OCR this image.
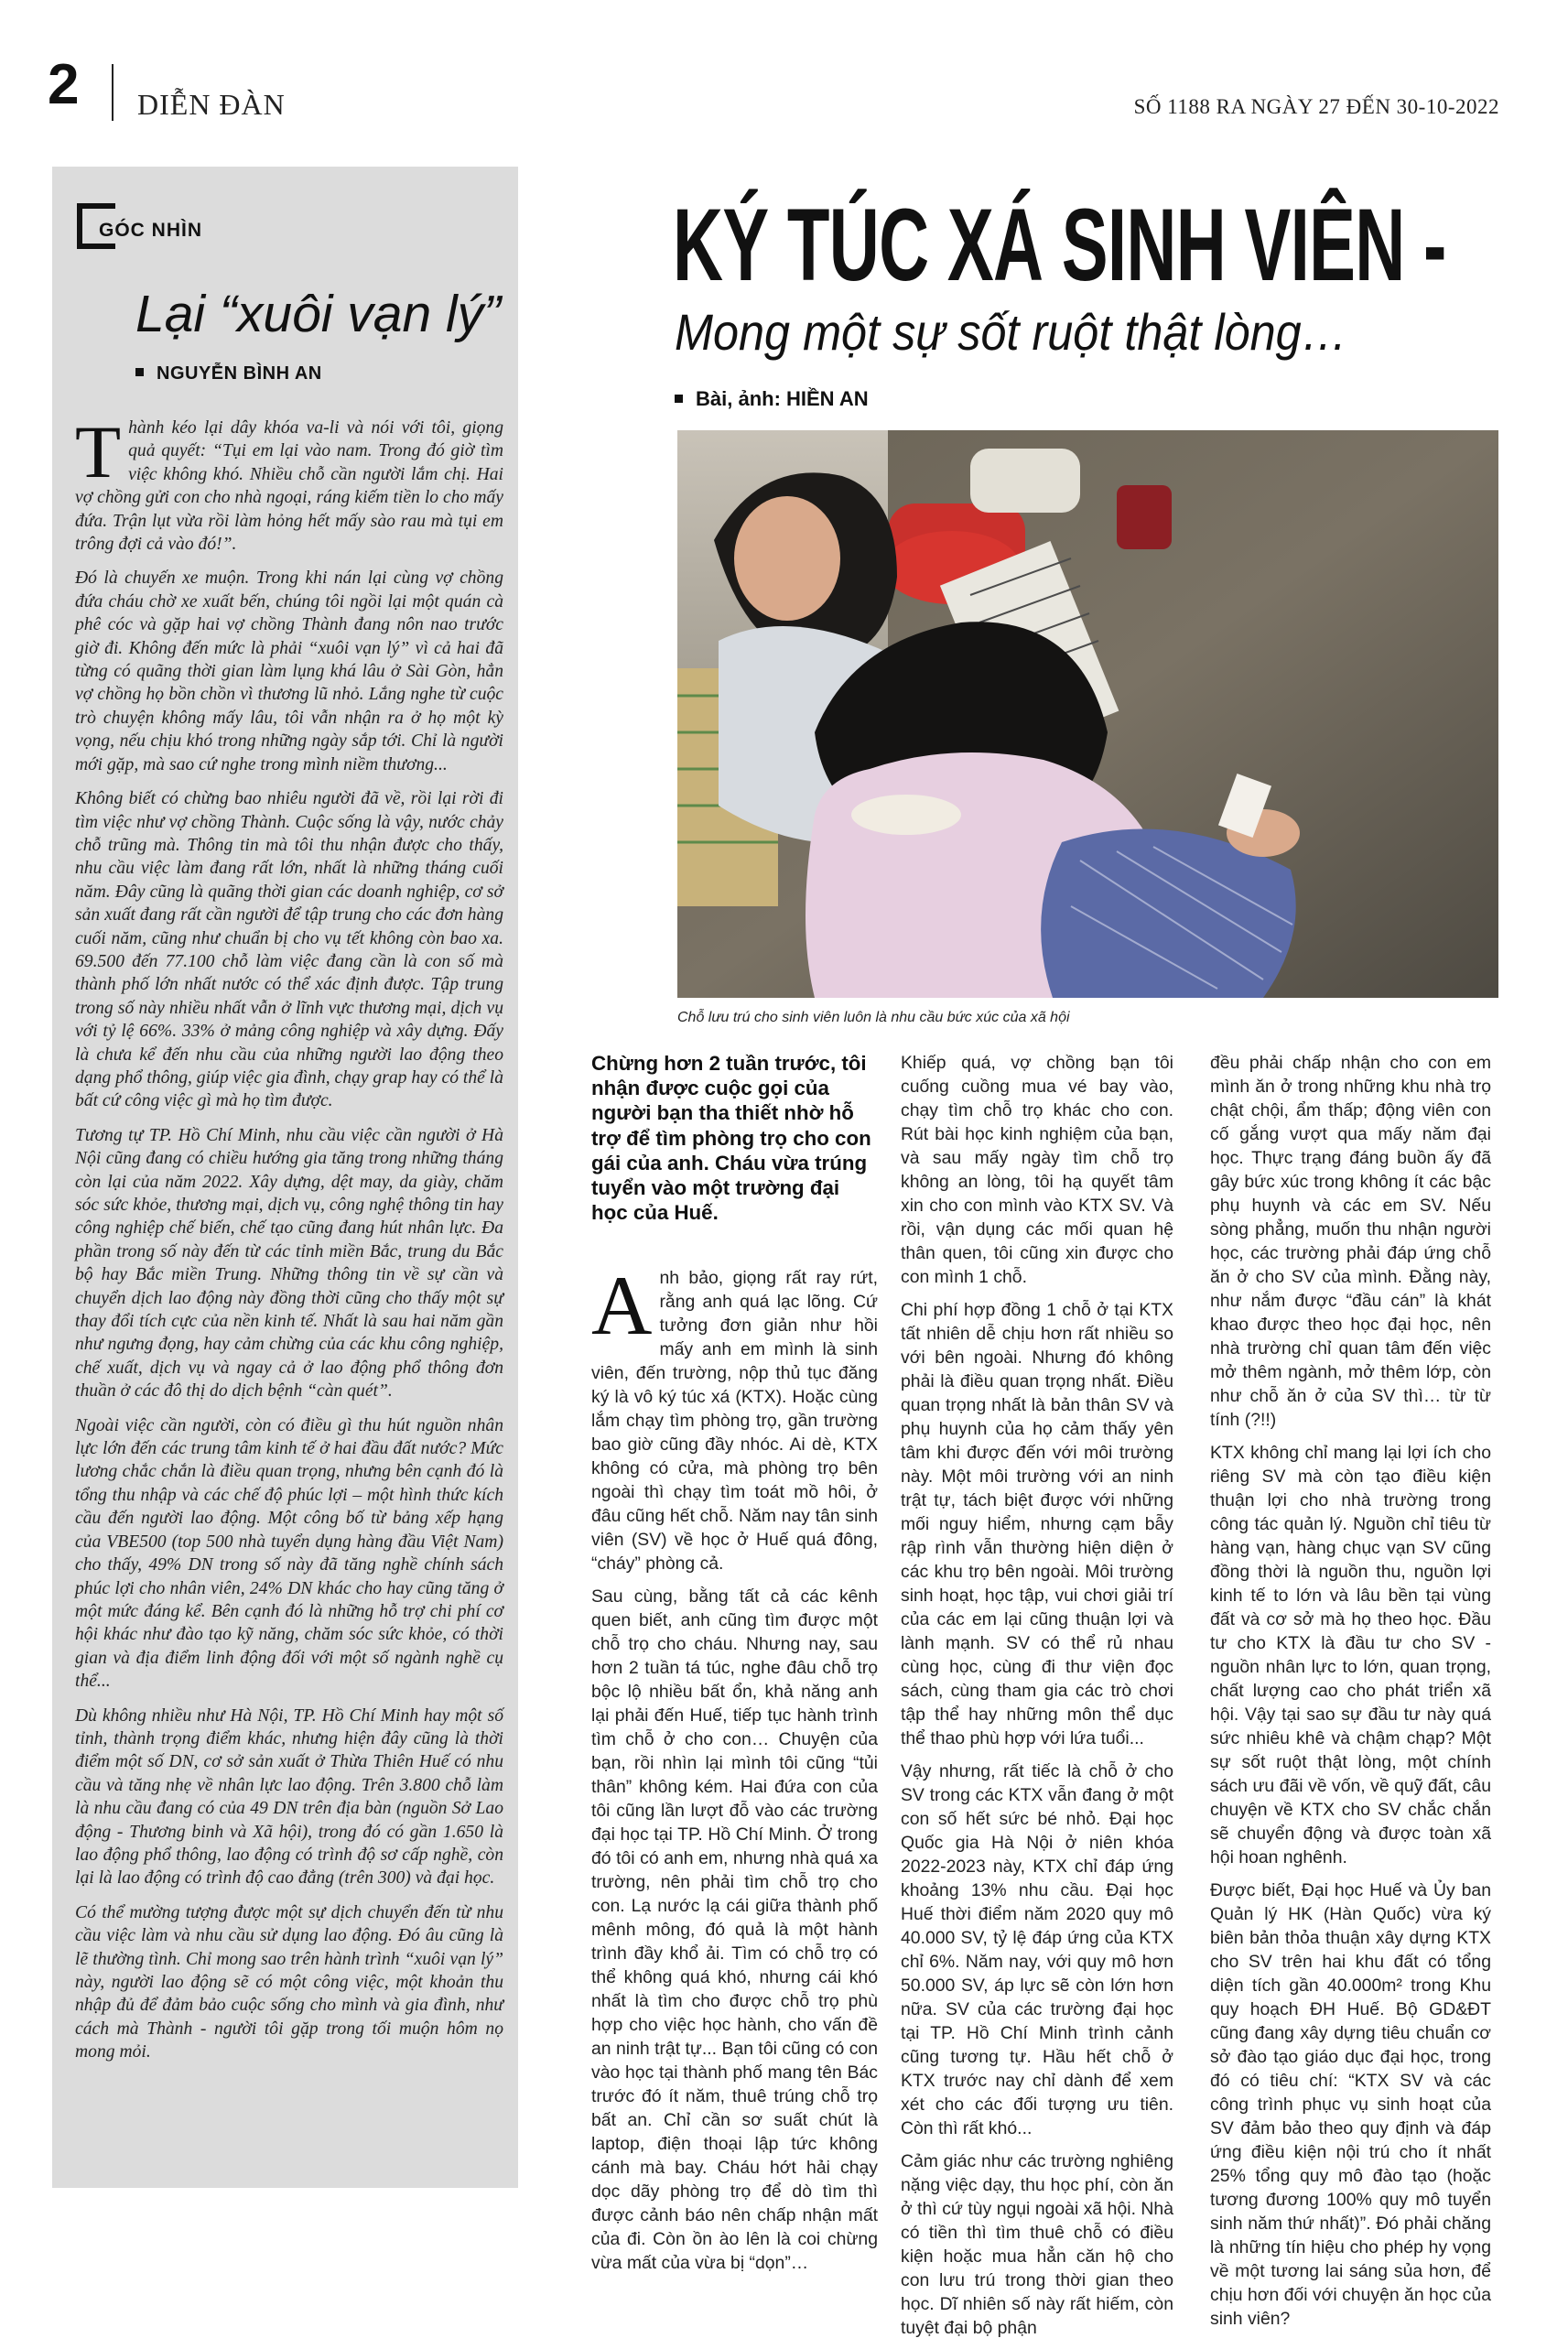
2 DIỄN ĐÀN	SỐ 1188 RA NGÀY 27 ĐẾN 30-10-2022
GÓC NHÌN
Lại “xuôi vạn lý”
NGUYỄN BÌNH AN

Thành kéo lại dây khóa va-li và nói với tôi, giọng quả quyết: “Tụi em lại vào nam. Trong đó giờ tìm việc không khó. Nhiều chỗ cần người lắm chị. Hai vợ chồng gửi con cho nhà ngoại, ráng kiếm tiền lo cho mấy đứa. Trận lụt vừa rồi làm hỏng hết mấy sào rau mà tụi em trông đợi cả vào đó!”.

Đó là chuyến xe muộn. Trong khi nán lại cùng vợ chồng đứa cháu chờ xe xuất bến, chúng tôi ngồi lại một quán cà phê cóc và gặp hai vợ chồng Thành đang nôn nao trước giờ đi. Không đến mức là phải “xuôi vạn lý” vì cả hai đã từng có quãng thời gian làm lụng khá lâu ở Sài Gòn, hẳn vợ chồng họ bồn chồn vì thương lũ nhỏ. Lắng nghe từ cuộc trò chuyện không mấy lâu, tôi vẫn nhận ra ở họ một kỳ vọng, nếu chịu khó trong những ngày sắp tới. Chỉ là người mới gặp, mà sao cứ nghe trong mình niềm thương...

Không biết có chừng bao nhiêu người đã về, rồi lại rời đi tìm việc như vợ chồng Thành. Cuộc sống là vậy, nước chảy chỗ trũng mà. Thông tin mà tôi thu nhận được cho thấy, nhu cầu việc làm đang rất lớn, nhất là những tháng cuối năm. Đây cũng là quãng thời gian các doanh nghiệp, cơ sở sản xuất đang rất cần người để tập trung cho các đơn hàng cuối năm, cũng như chuẩn bị cho vụ tết không còn bao xa. 69.500 đến 77.100 chỗ làm việc đang cần là con số mà thành phố lớn nhất nước có thể xác định được. Tập trung trong số này nhiều nhất vẫn ở lĩnh vực thương mại, dịch vụ với tỷ lệ 66%. 33% ở mảng công nghiệp và xây dựng. Đấy là chưa kể đến nhu cầu của những người lao động theo dạng phổ thông, giúp việc gia đình, chạy grap hay có thể là bất cứ công việc gì mà họ tìm được.

Tương tự TP. Hồ Chí Minh, nhu cầu việc cần người ở Hà Nội cũng đang có chiều hướng gia tăng trong những tháng còn lại của năm 2022. Xây dựng, dệt may, da giày, chăm sóc sức khỏe, thương mại, dịch vụ, công nghệ thông tin hay công nghiệp chế biến, chế tạo cũng đang hút nhân lực. Đa phần trong số này đến từ các tỉnh miền Bắc, trung du Bắc bộ hay Bắc miền Trung. Những thông tin về sự cần và chuyển dịch lao động này đồng thời cũng cho thấy một sự thay đổi tích cực của nền kinh tế. Nhất là sau hai năm gần như ngưng đọng, hay cảm chừng của các khu công nghiệp, chế xuất, dịch vụ và ngay cả ở lao động phổ thông đơn thuần ở các đô thị do dịch bệnh “càn quét”.

Ngoài việc cần người, còn có điều gì thu hút nguồn nhân lực lớn đến các trung tâm kinh tế ở hai đầu đất nước? Mức lương chắc chắn là điều quan trọng, nhưng bên cạnh đó là tổng thu nhập và các chế độ phúc lợi – một hình thức kích cầu đến người lao động. Một công bố từ bảng xếp hạng của VBE500 (top 500 nhà tuyển dụng hàng đầu Việt Nam) cho thấy, 49% DN trong số này đã tăng nghề chính sách phúc lợi cho nhân viên, 24% DN khác cho hay cũng tăng ở một mức đáng kể. Bên cạnh đó là những hỗ trợ chi phí cơ hội khác như đào tạo kỹ năng, chăm sóc sức khỏe, có thời gian và địa điểm linh động đối với một số ngành nghề cụ thể...

Dù không nhiều như Hà Nội, TP. Hồ Chí Minh hay một số tỉnh, thành trọng điểm khác, nhưng hiện đây cũng là thời điểm một số DN, cơ sở sản xuất ở Thừa Thiên Huế có nhu cầu và tăng nhẹ về nhân lực lao động. Trên 3.800 chỗ làm là nhu cầu đang có của 49 DN trên địa bàn (nguồn Sở Lao động - Thương binh và Xã hội), trong đó có gần 1.650 là lao động phổ thông, lao động có trình độ sơ cấp nghề, còn lại là lao động có trình độ cao đẳng (trên 300) và đại học.

Có thể mường tượng được một sự dịch chuyển đến từ nhu cầu việc làm và nhu cầu sử dụng lao động. Đó âu cũng là lẽ thường tình. Chỉ mong sao trên hành trình “xuôi vạn lý” này, người lao động sẽ có một công việc, một khoản thu nhập đủ để đảm bảo cuộc sống cho mình và gia đình, như cách mà Thành - người tôi gặp trong tối muộn hôm nọ mong mỏi.

KÝ TÚC XÁ SINH VIÊN -
Mong một sự sốt ruột thật lòng…
Bài, ảnh: HIỀN AN
Chỗ lưu trú cho sinh viên luôn là nhu cầu bức xúc của xã hội

Chừng hơn 2 tuần trước, tôi nhận được cuộc gọi của người bạn tha thiết nhờ hỗ trợ để tìm phòng trọ cho con gái của anh. Cháu vừa trúng tuyển vào một trường đại học của Huế.

Anh bảo, giọng rất ray rứt, rằng anh quá lạc lõng. Cứ tưởng đơn giản như hồi mấy anh em mình là sinh viên, đến trường, nộp thủ tục đăng ký là vô ký túc xá (KTX). Hoặc cùng lắm chạy tìm phòng trọ, gần trường bao giờ cũng đầy nhóc. Ai dè, KTX không có cửa, mà phòng trọ bên ngoài thì chạy tìm toát mồ hôi, ở đâu cũng hết chỗ. Năm nay tân sinh viên (SV) về học ở Huế quá đông, “cháy” phòng cả.

Sau cùng, bằng tất cả các kênh quen biết, anh cũng tìm được một chỗ trọ cho cháu. Nhưng nay, sau hơn 2 tuần tá túc, nghe đâu chỗ trọ bộc lộ nhiều bất ổn, khả năng anh lại phải đến Huế, tiếp tục hành trình tìm chỗ ở cho con… Chuyện của bạn, rồi nhìn lại mình tôi cũng “tủi thân” không kém. Hai đứa con của tôi cũng lần lượt đỗ vào các trường đại học tại TP. Hồ Chí Minh. Ở trong đó tôi có anh em, nhưng nhà quá xa trường, nên phải tìm chỗ trọ cho con. Lạ nước lạ cái giữa thành phố mênh mông, đó quả là một hành trình đầy khổ ải. Tìm có chỗ trọ có thể không quá khó, nhưng cái khó nhất là tìm cho được chỗ trọ phù hợp cho việc học hành, cho vấn đề an ninh trật tự... Bạn tôi cũng có con vào học tại thành phố mang tên Bác trước đó ít năm, thuê trúng chỗ trọ bất an. Chỉ cần sơ suất chút là laptop, điện thoại lập tức không cánh mà bay. Cháu hớt hải chạy dọc dãy phòng trọ để dò tìm thì được cảnh báo nên chấp nhận mất của đi. Còn ồn ào lên là coi chừng vừa mất của vừa bị “dọn”…

Khiếp quá, vợ chồng bạn tôi cuống cuồng mua vé bay vào, chạy tìm chỗ trọ khác cho con. Rút bài học kinh nghiệm của bạn, và sau mấy ngày tìm chỗ trọ không an lòng, tôi hạ quyết tâm xin cho con mình vào KTX SV. Và rồi, vận dụng các mối quan hệ thân quen, tôi cũng xin được cho con mình 1 chỗ.

Chi phí hợp đồng 1 chỗ ở tại KTX tất nhiên dễ chịu hơn rất nhiều so với bên ngoài. Nhưng đó không phải là điều quan trọng nhất. Điều quan trọng nhất là bản thân SV và phụ huynh của họ cảm thấy yên tâm khi được đến với môi trường này. Một môi trường với an ninh trật tự, tách biệt được với những mối nguy hiểm, nhưng cạm bẫy rập rình vẫn thường hiện diện ở các khu trọ bên ngoài. Môi trường sinh hoạt, học tập, vui chơi giải trí của các em lại cũng thuận lợi và lành mạnh. SV có thể rủ nhau cùng học, cùng đi thư viện đọc sách, cùng tham gia các trò chơi tập thể hay những môn thể dục thể thao phù hợp với lứa tuổi...

Vậy nhưng, rất tiếc là chỗ ở cho SV trong các KTX vẫn đang ở một con số hết sức bé nhỏ. Đại học Quốc gia Hà Nội ở niên khóa 2022-2023 này, KTX chỉ đáp ứng khoảng 13% nhu cầu. Đại học Huế thời điểm năm 2020 quy mô 40.000 SV, tỷ lệ đáp ứng của KTX chỉ 6%. Năm nay, với quy mô hơn 50.000 SV, áp lực sẽ còn lớn hơn nữa. SV của các trường đại học tại TP. Hồ Chí Minh trình cảnh cũng tương tự. Hầu hết chỗ ở KTX trước nay chỉ dành để xem xét cho các đối tượng ưu tiên. Còn thì rất khó...

Cảm giác như các trường nghiêng nặng việc dạy, thu học phí, còn ăn ở thì cứ tùy ngụi ngoài xã hội. Nhà có tiền thì tìm thuê chỗ có điều kiện hoặc mua hẳn căn hộ cho con lưu trú trong thời gian theo học. Dĩ nhiên số này rất hiếm, còn tuyệt đại bộ phận

đều phải chấp nhận cho con em mình ăn ở trong những khu nhà trọ chật chội, ẩm thấp; động viên con cố gắng vượt qua mấy năm đại học. Thực trạng đáng buồn ấy đã gây bức xúc trong không ít các bậc phụ huynh và các em SV. Nếu sòng phẳng, muốn thu nhận người học, các trường phải đáp ứng chỗ ăn ở cho SV của mình. Đằng này, như nắm được “đầu cán” là khát khao được theo học đại học, nên nhà trường chỉ quan tâm đến việc mở thêm ngành, mở thêm lớp, còn như chỗ ăn ở của SV thì… từ từ tính (?!!)

KTX không chỉ mang lại lợi ích cho riêng SV mà còn tạo điều kiện thuận lợi cho nhà trường trong công tác quản lý. Nguồn chỉ tiêu từ hàng vạn, hàng chục vạn SV cũng đồng thời là nguồn thu, nguồn lợi kinh tế to lớn và lâu bền tại vùng đất và cơ sở mà họ theo học. Đầu tư cho KTX là đầu tư cho SV - nguồn nhân lực to lớn, quan trọng, chất lượng cao cho phát triển xã hội. Vậy tại sao sự đầu tư này quá sức nhiêu khê và chậm chạp? Một sự sốt ruột thật lòng, một chính sách ưu đãi về vốn, về quỹ đất, câu chuyện về KTX cho SV chắc chắn sẽ chuyển động và được toàn xã hội hoan nghênh.

Được biết, Đại học Huế và Ủy ban Quản lý HK (Hàn Quốc) vừa ký biên bản thỏa thuận xây dựng KTX cho SV trên hai khu đất có tổng diện tích gần 40.000m² trong Khu quy hoạch ĐH Huế. Bộ GD&ĐT cũng đang xây dựng tiêu chuẩn cơ sở đào tạo giáo dục đại học, trong đó có tiêu chí: “KTX SV và các công trình phục vụ sinh hoạt của SV đảm bảo theo quy định và đáp ứng điều kiện nội trú cho ít nhất 25% tổng quy mô đào tạo (hoặc tương đương 100% quy mô tuyển sinh năm thứ nhất)”. Đó phải chăng là những tín hiệu cho phép hy vọng về một tương lai sáng sủa hơn, để chịu hơn đối với chuyện ăn học của sinh viên?
